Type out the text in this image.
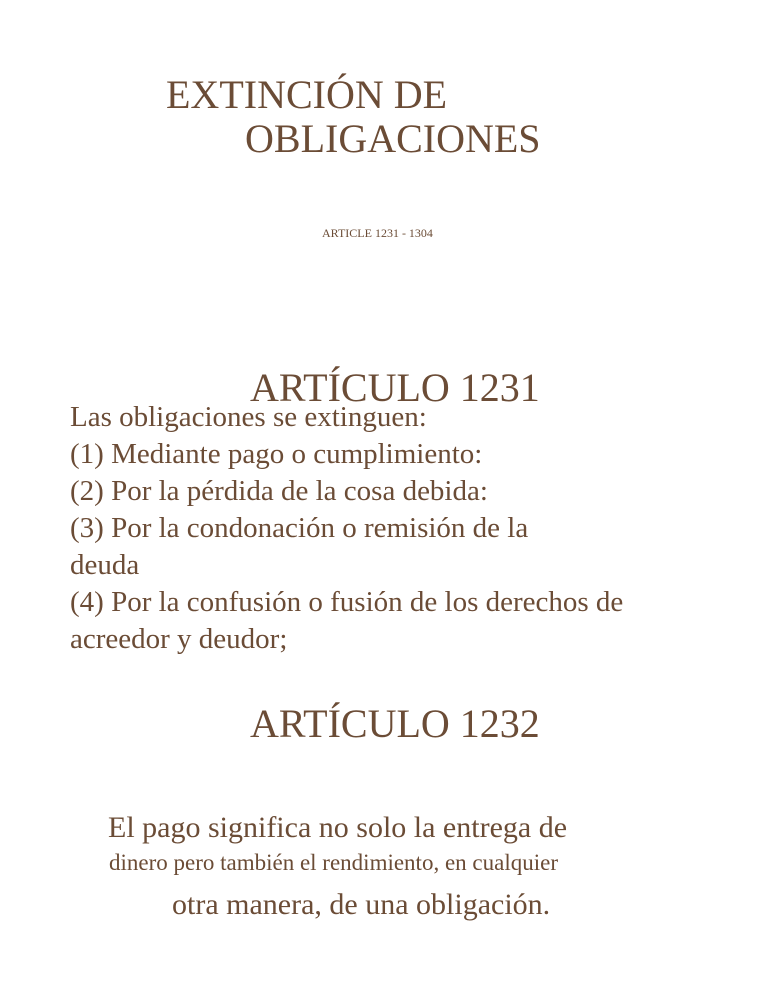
EXTINCIÓN DE
OBLIGACIONES
ARTICLE 1231 - 1304
ARTÍCULO 1231
Las obligaciones se extinguen:
(1) Mediante pago o cumplimiento:
(2) Por la pérdida de la cosa debida:
(3) Por la condonación o remisión de la
deuda
(4) Por la confusión o fusión de los derechos de
acreedor y deudor;
ARTÍCULO 1232
El pago significa no solo la entrega de
dinero pero también el rendimiento, en cualquier
otra manera, de una obligación.
